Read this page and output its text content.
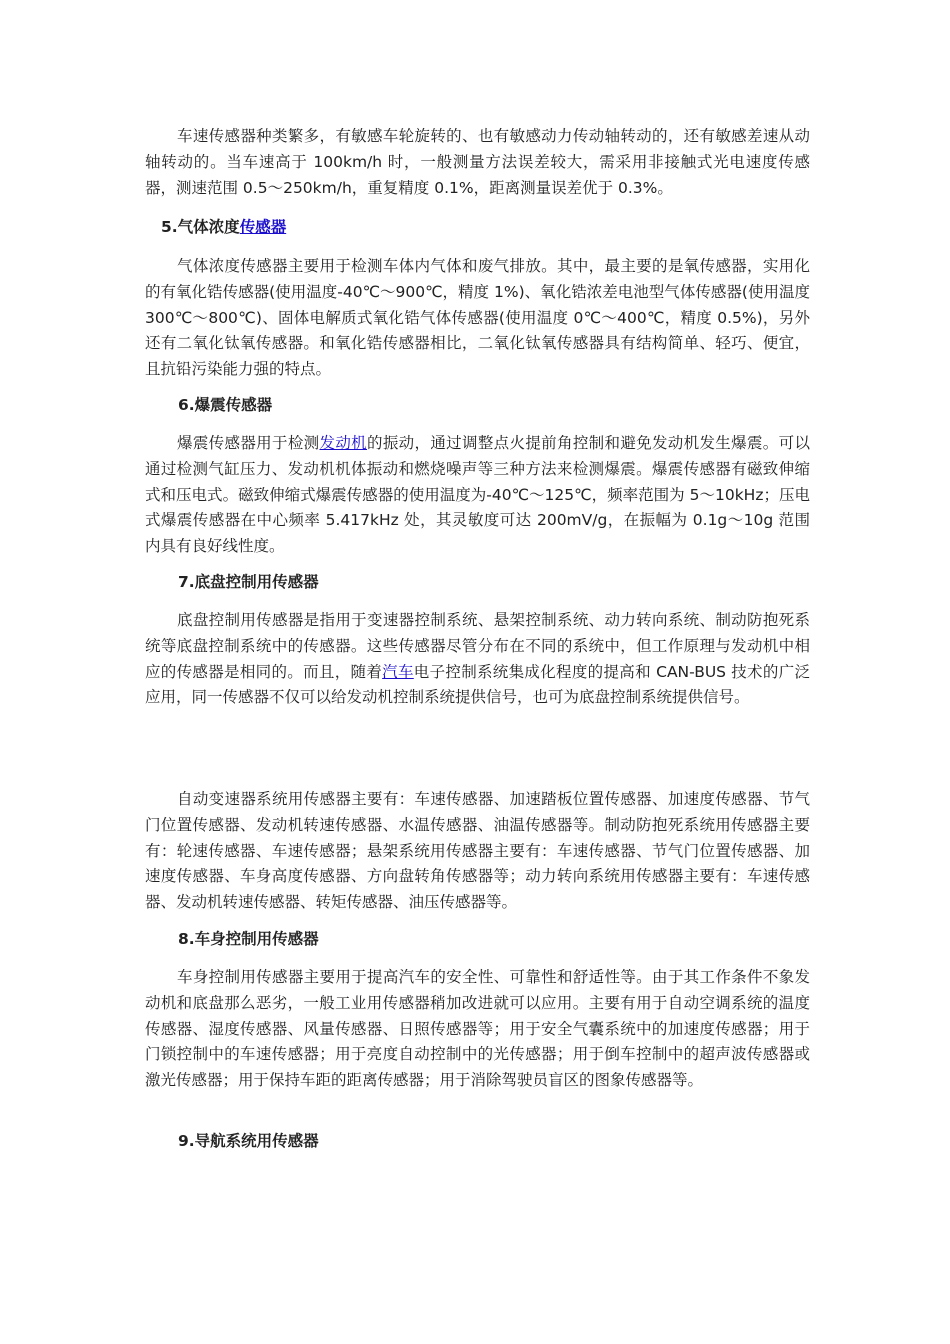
车速传感器种类繁多，有敏感车轮旋转的、也有敏感动力传动轴转动的，还有敏感差速从动轴转动的。当车速高于 100km/h 时，一般测量方法误差较大，需采用非接触式光电速度传感器，测速范围 0.5～250km/h，重复精度 0.1%，距离测量误差优于 0.3%。

5.气体浓度传感器

气体浓度传感器主要用于检测车体内气体和废气排放。其中，最主要的是氧传感器，实用化的有氧化锆传感器(使用温度-40℃～900℃，精度 1%)、氧化锆浓差电池型气体传感器(使用温度 300℃～800℃)、固体电解质式氧化锆气体传感器(使用温度 0℃～400℃，精度 0.5%)，另外还有二氧化钛氧传感器。和氧化锆传感器相比，二氧化钛氧传感器具有结构简单、轻巧、便宜，且抗铅污染能力强的特点。

6.爆震传感器

爆震传感器用于检测发动机的振动，通过调整点火提前角控制和避免发动机发生爆震。可以通过检测气缸压力、发动机机体振动和燃烧噪声等三种方法来检测爆震。爆震传感器有磁致伸缩式和压电式。磁致伸缩式爆震传感器的使用温度为-40℃～125℃，频率范围为 5～10kHz；压电式爆震传感器在中心频率 5.417kHz 处，其灵敏度可达 200mV/g，在振幅为 0.1g～10g 范围内具有良好线性度。

7.底盘控制用传感器

底盘控制用传感器是指用于变速器控制系统、悬架控制系统、动力转向系统、制动防抱死系统等底盘控制系统中的传感器。这些传感器尽管分布在不同的系统中，但工作原理与发动机中相应的传感器是相同的。而且，随着汽车电子控制系统集成化程度的提高和 CAN-BUS 技术的广泛应用，同一传感器不仅可以给发动机控制系统提供信号，也可为底盘控制系统提供信号。

自动变速器系统用传感器主要有：车速传感器、加速踏板位置传感器、加速度传感器、节气门位置传感器、发动机转速传感器、水温传感器、油温传感器等。制动防抱死系统用传感器主要有：轮速传感器、车速传感器；悬架系统用传感器主要有：车速传感器、节气门位置传感器、加速度传感器、车身高度传感器、方向盘转角传感器等；动力转向系统用传感器主要有：车速传感器、发动机转速传感器、转矩传感器、油压传感器等。

8.车身控制用传感器

车身控制用传感器主要用于提高汽车的安全性、可靠性和舒适性等。由于其工作条件不象发动机和底盘那么恶劣，一般工业用传感器稍加改进就可以应用。主要有用于自动空调系统的温度传感器、湿度传感器、风量传感器、日照传感器等；用于安全气囊系统中的加速度传感器；用于门锁控制中的车速传感器；用于亮度自动控制中的光传感器；用于倒车控制中的超声波传感器或激光传感器；用于保持车距的距离传感器；用于消除驾驶员盲区的图象传感器等。

9.导航系统用传感器
